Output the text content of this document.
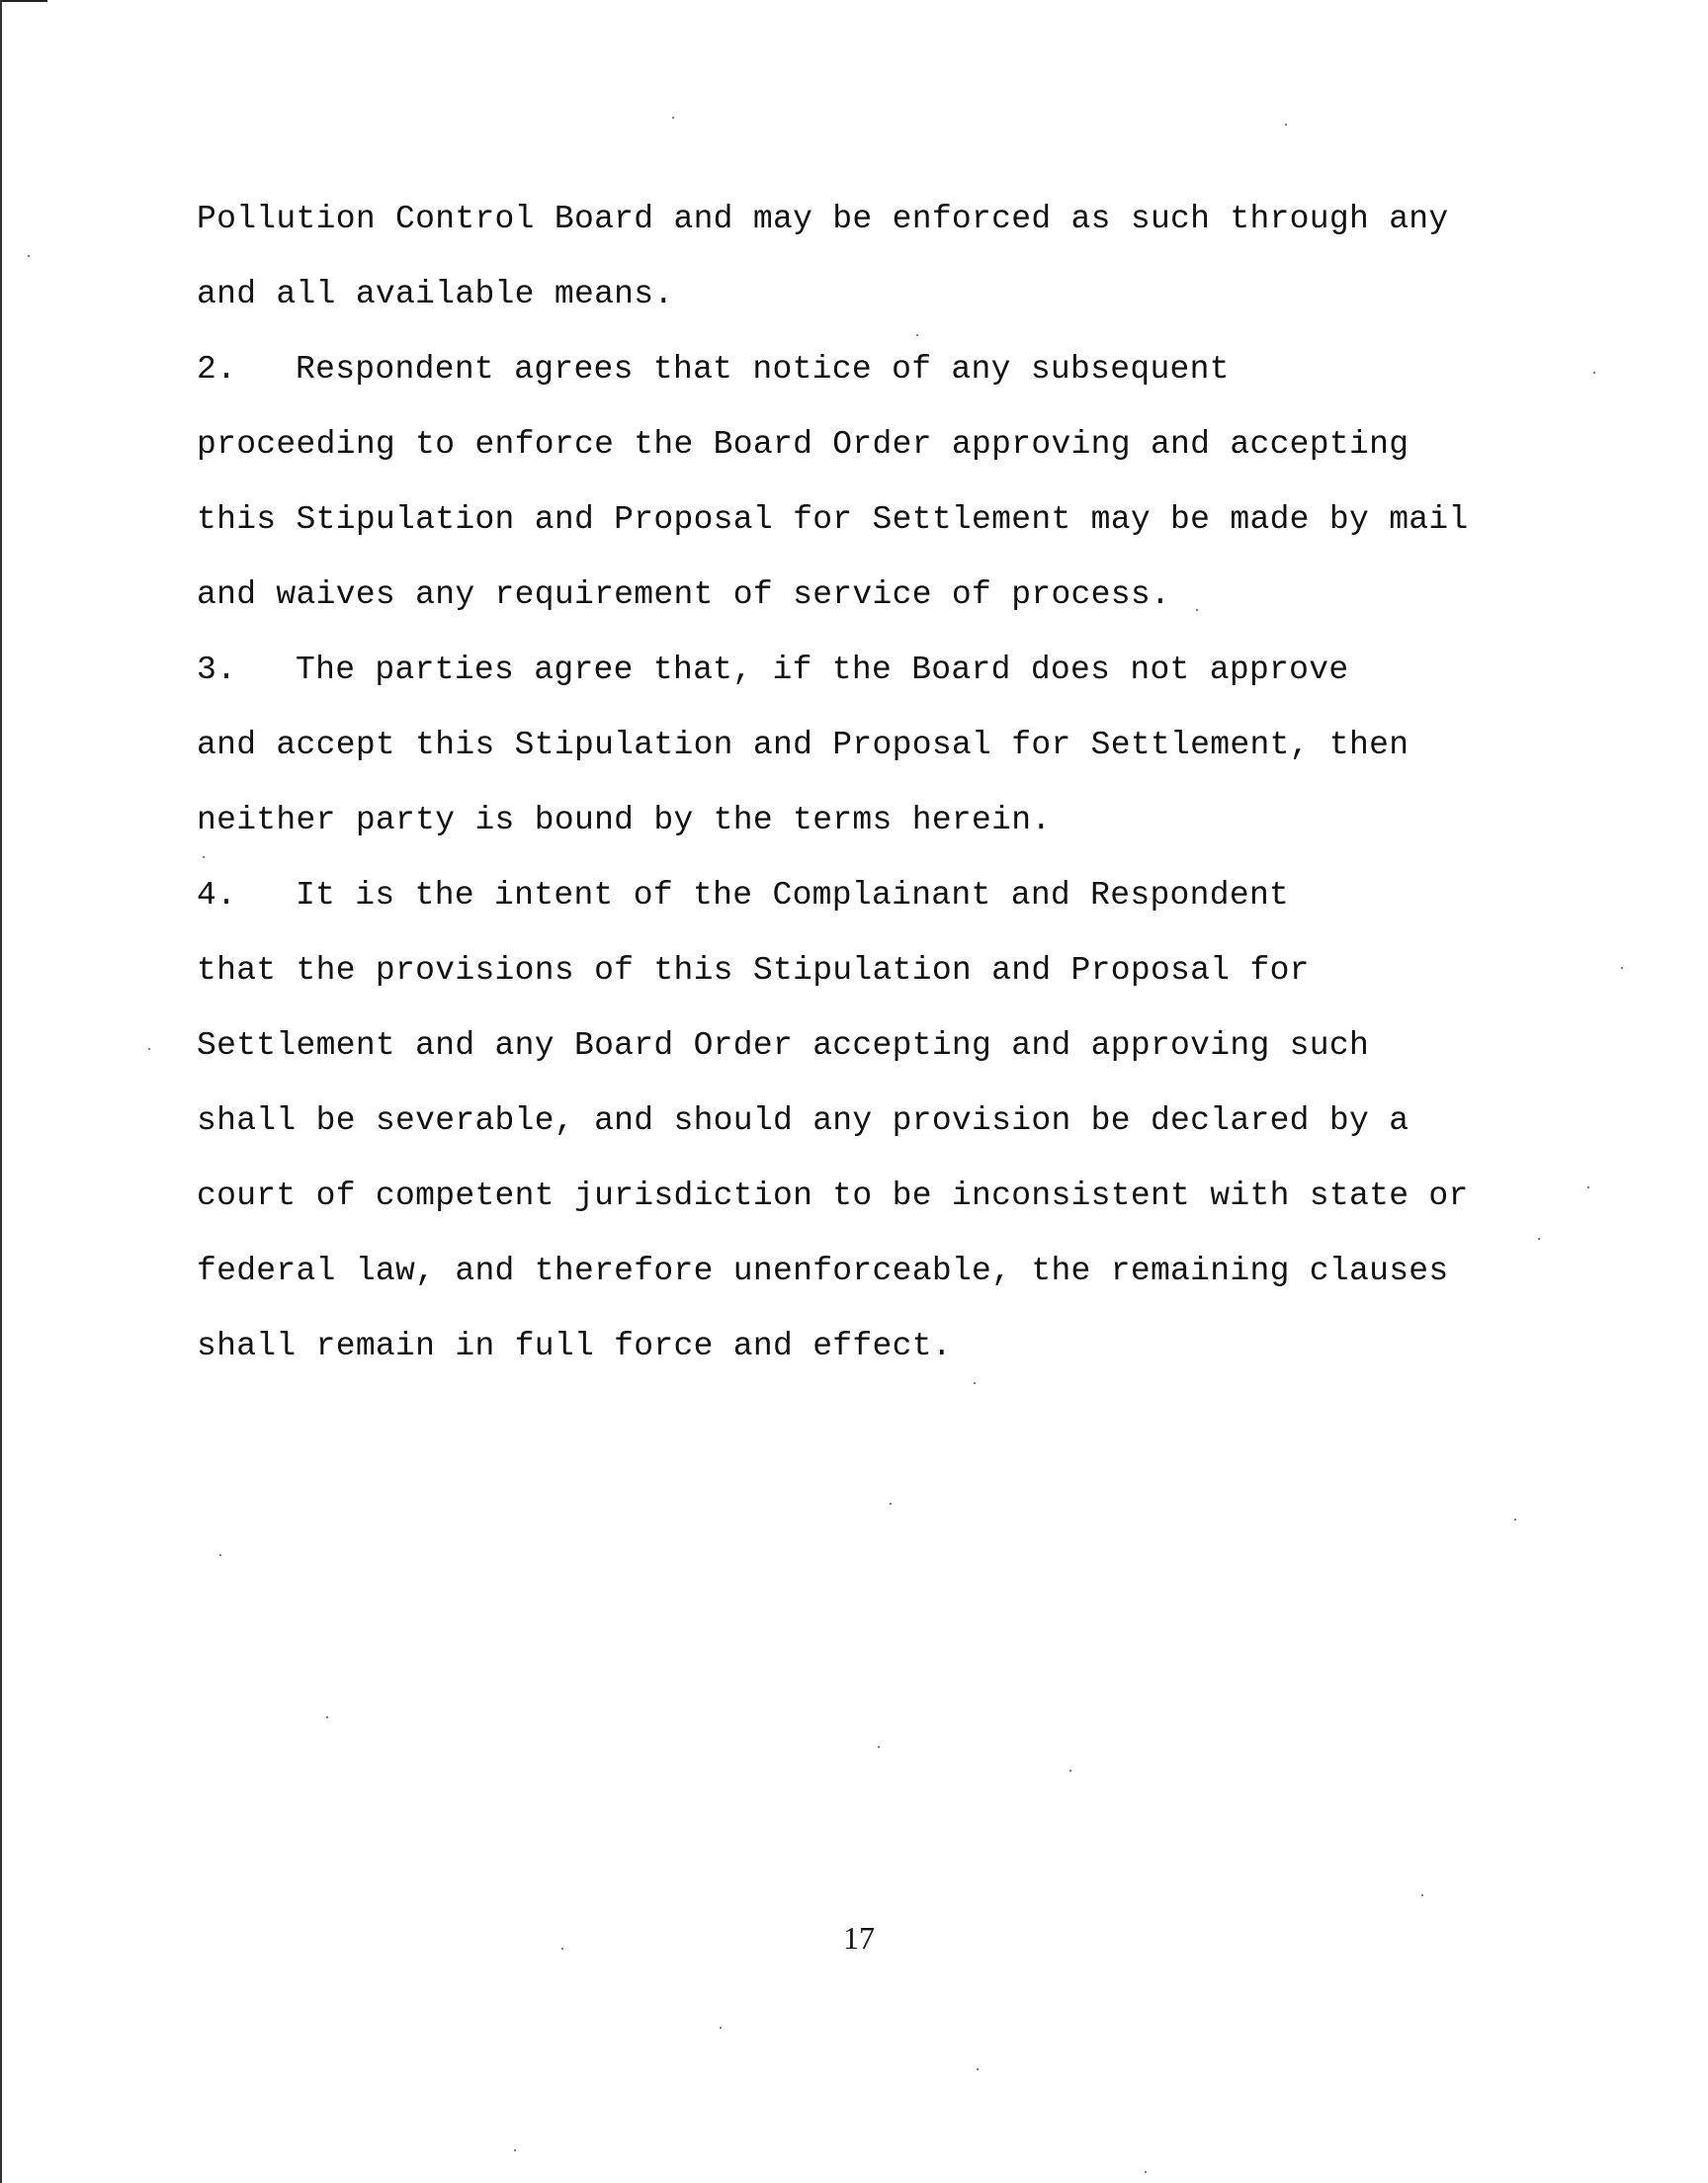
Pollution Control Board and may be enforced as such through any
and all available means.
2. Respondent agrees that notice of any subsequent
proceeding to enforce the Board Order approving and accepting
this Stipulation and Proposal for Settlement may be made by mail
and waives any requirement of service of process.
3. The parties agree that, if the Board does not approve
and accept this Stipulation and Proposal for Settlement, then
neither party is bound by the terms herein.
4. It is the intent of the Complainant and Respondent
that the provisions of this Stipulation and Proposal for
Settlement and any Board Order accepting and approving such
shall be severable, and should any provision be declared by a
court of competent jurisdiction to be inconsistent with state or
federal law, and therefore unenforceable, the remaining clauses
shall remain in full force and effect.
17
